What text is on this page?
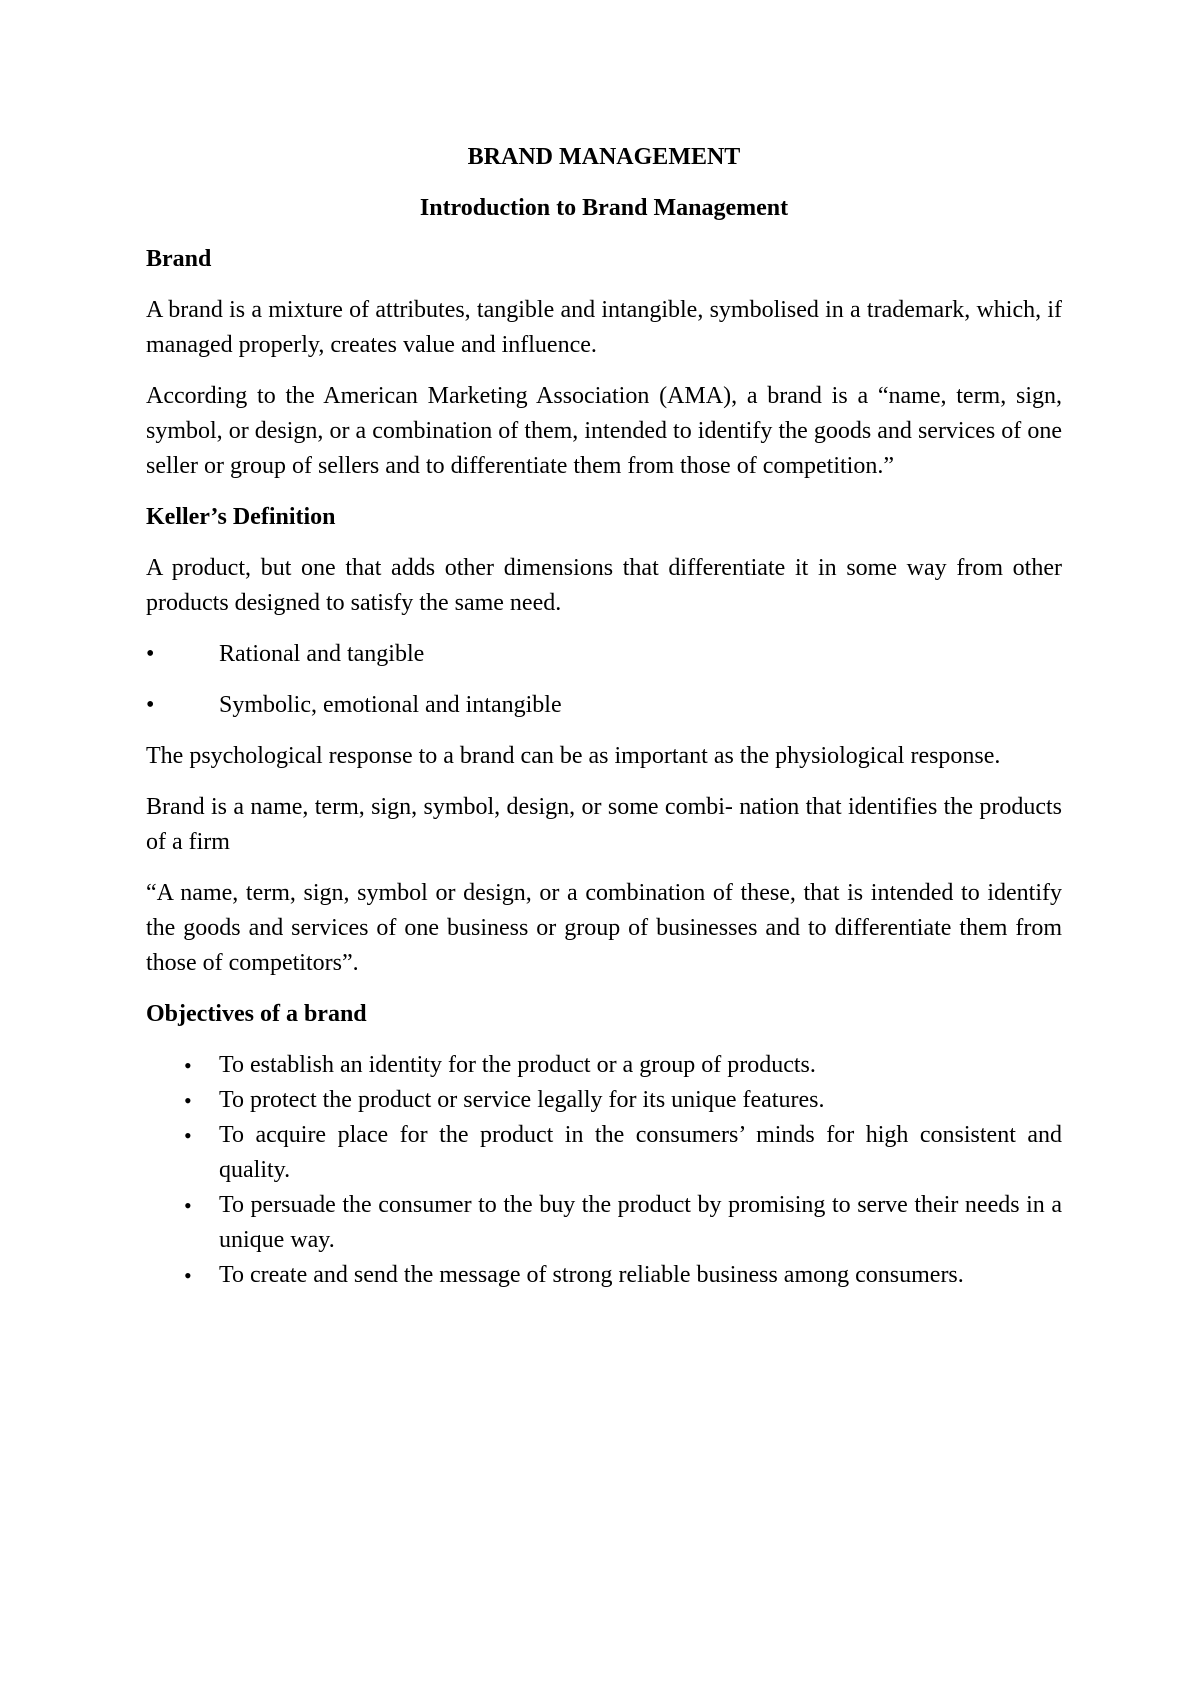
BRAND MANAGEMENT
Introduction to Brand Management
Brand

A brand is a mixture of attributes, tangible and intangible, symbolised in a trademark, which, if managed properly, creates value and influence.

According to the American Marketing Association (AMA), a brand is a “name, term, sign, symbol, or design, or a combination of them, intended to identify the goods and services of one seller or group of sellers and to differentiate them from those of competition.”

Keller’s Definition

A product, but one that adds other dimensions that differentiate it in some way from other products designed to satisfy the same need.

•	Rational and tangible
•	Symbolic, emotional and intangible

The psychological response to a brand can be as important as the physiological response.

Brand is a name, term, sign, symbol, design, or some combi- nation that identifies the products of a firm

“A name, term, sign, symbol or design, or a combination of these, that is intended to identify the goods and services of one business or group of businesses and to differentiate them from those of competitors”.

Objectives of a brand
• To establish an identity for the product or a group of products.
• To protect the product or service legally for its unique features.
• To acquire place for the product in the consumers’ minds for high consistent and quality.
• To persuade the consumer to the buy the product by promising to serve their needs in a unique way.
• To create and send the message of strong reliable business among consumers.
